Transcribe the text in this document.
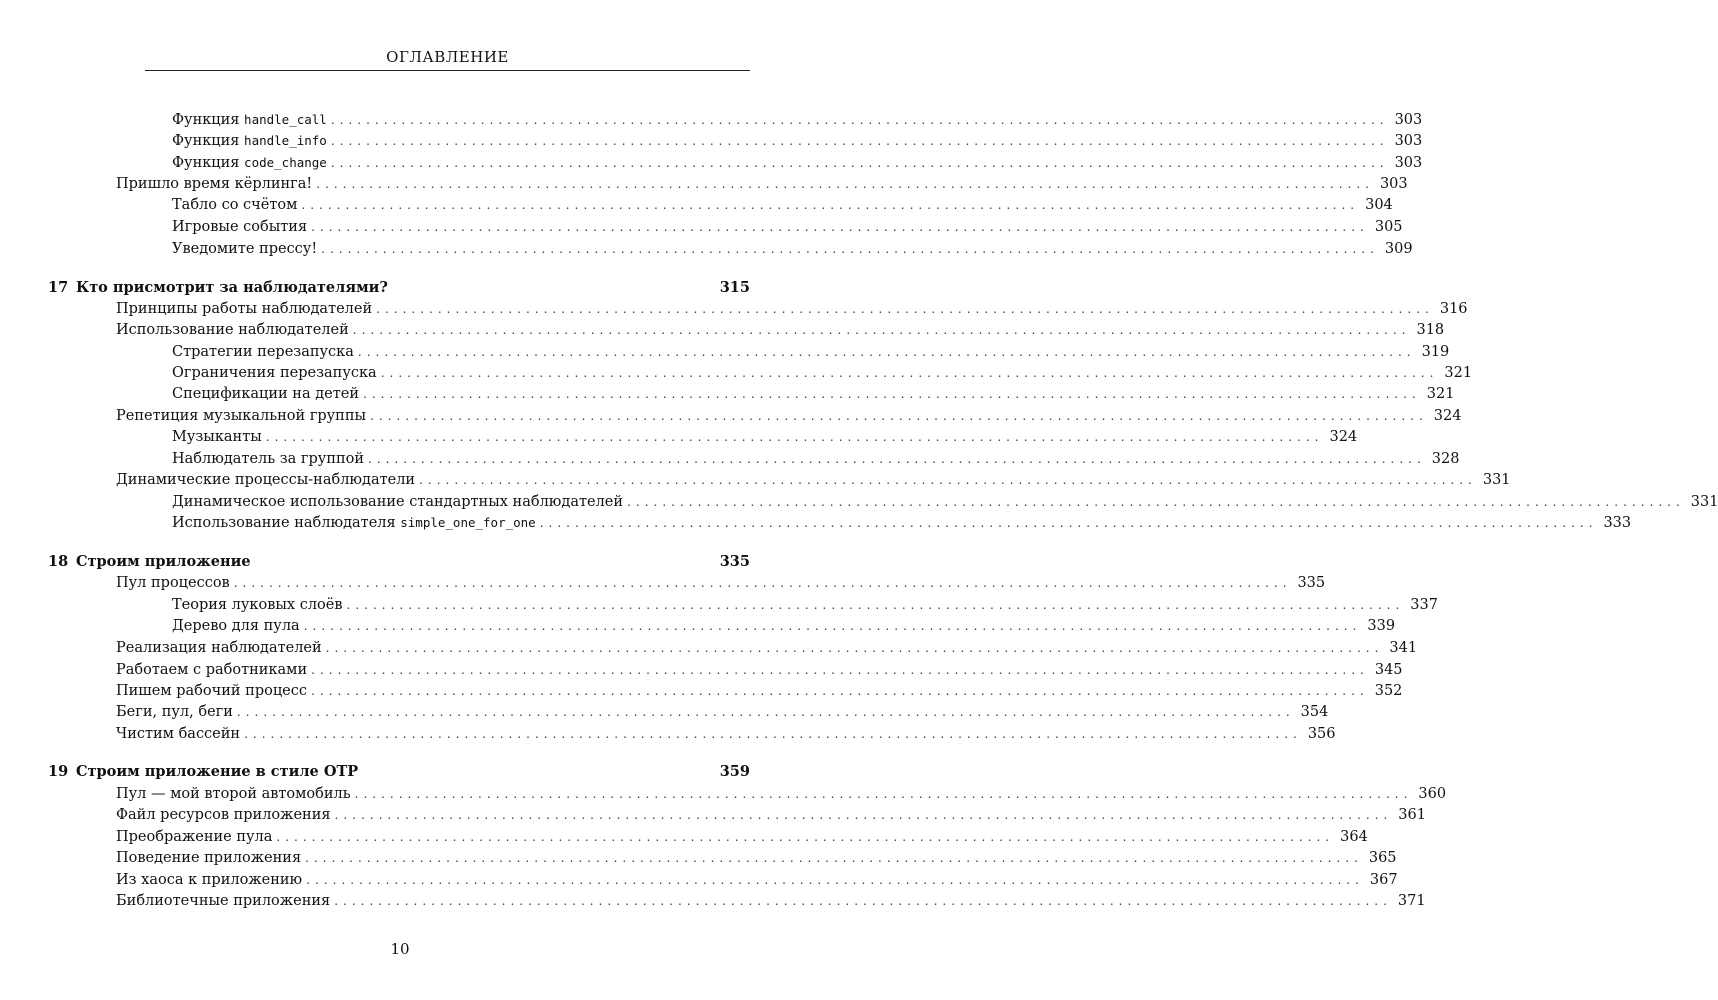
ОГЛАВЛЕНИЕ
Функция handle_call ........................................................................................................................ 303
Функция handle_info ........................................................................................................................ 303
Функция code_change ........................................................................................................................ 303
Пришло время кёрлинга! ........................................................................................................................ 303
Табло со счётом ........................................................................................................................ 304
Игровые события ........................................................................................................................ 305
Уведомите прессу! ........................................................................................................................ 309
17 Кто присмотрит за наблюдателями?	315
Принципы работы наблюдателей ........................................................................................................................ 316
Использование наблюдателей ........................................................................................................................ 318
Стратегии перезапуска ........................................................................................................................ 319
Ограничения перезапуска ........................................................................................................................ 321
Спецификации на детей ........................................................................................................................ 321
Репетиция музыкальной группы ........................................................................................................................ 324
Музыканты ........................................................................................................................ 324
Наблюдатель за группой ........................................................................................................................ 328
Динамические процессы-наблюдатели ........................................................................................................................ 331
Динамическое использование стандартных наблюдателей ........................................................................................................................ 331
Использование наблюдателя simple_one_for_one ........................................................................................................................ 333
18 Строим приложение	335
Пул процессов ........................................................................................................................ 335
Теория луковых слоёв ........................................................................................................................ 337
Дерево для пула ........................................................................................................................ 339
Реализация наблюдателей ........................................................................................................................ 341
Работаем с работниками ........................................................................................................................ 345
Пишем рабочий процесс ........................................................................................................................ 352
Беги, пул, беги ........................................................................................................................ 354
Чистим бассейн ........................................................................................................................ 356
19 Строим приложение в стиле OTP	359
Пул — мой второй автомобиль ........................................................................................................................ 360
Файл ресурсов приложения ........................................................................................................................ 361
Преображение пула ........................................................................................................................ 364
Поведение приложения ........................................................................................................................ 365
Из хаоса к приложению ........................................................................................................................ 367
Библиотечные приложения ........................................................................................................................ 371
10
